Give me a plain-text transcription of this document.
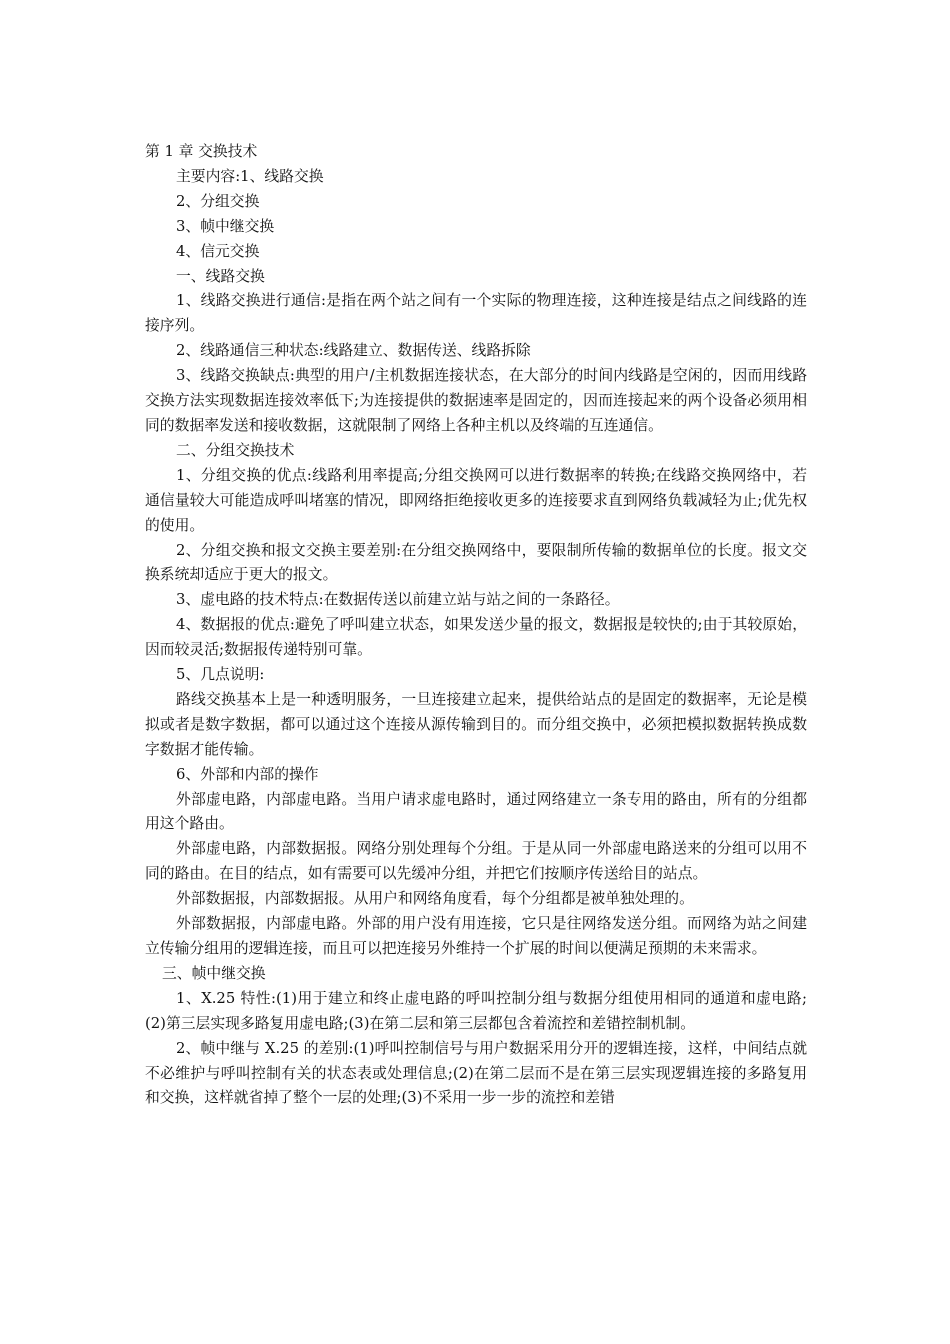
第 1 章 交换技术

主要内容:1、线路交换

2、分组交换

3、帧中继交换

4、信元交换

一、线路交换

1、线路交换进行通信:是指在两个站之间有一个实际的物理连接，这种连接是结点之间线路的连接序列。

2、线路通信三种状态:线路建立、数据传送、线路拆除

3、线路交换缺点:典型的用户/主机数据连接状态，在大部分的时间内线路是空闲的，因而用线路交换方法实现数据连接效率低下;为连接提供的数据速率是固定的，因而连接起来的两个设备必须用相同的数据率发送和接收数据，这就限制了网络上各种主机以及终端的互连通信。

二、分组交换技术

1、分组交换的优点:线路利用率提高;分组交换网可以进行数据率的转换;在线路交换网络中，若通信量较大可能造成呼叫堵塞的情况，即网络拒绝接收更多的连接要求直到网络负载减轻为止;优先权的使用。

2、分组交换和报文交换主要差别:在分组交换网络中，要限制所传输的数据单位的长度。报文交换系统却适应于更大的报文。

3、虚电路的技术特点:在数据传送以前建立站与站之间的一条路径。

4、数据报的优点:避免了呼叫建立状态，如果发送少量的报文，数据报是较快的;由于其较原始，因而较灵活;数据报传递特别可靠。

5、几点说明:

路线交换基本上是一种透明服务，一旦连接建立起来，提供给站点的是固定的数据率，无论是模拟或者是数字数据，都可以通过这个连接从源传输到目的。而分组交换中，必须把模拟数据转换成数字数据才能传输。

6、外部和内部的操作

外部虚电路，内部虚电路。当用户请求虚电路时，通过网络建立一条专用的路由，所有的分组都用这个路由。

外部虚电路，内部数据报。网络分别处理每个分组。于是从同一外部虚电路送来的分组可以用不同的路由。在目的结点，如有需要可以先缓冲分组，并把它们按顺序传送给目的站点。

外部数据报，内部数据报。从用户和网络角度看，每个分组都是被单独处理的。

外部数据报，内部虚电路。外部的用户没有用连接，它只是往网络发送分组。而网络为站之间建立传输分组用的逻辑连接，而且可以把连接另外维持一个扩展的时间以便满足预期的未来需求。

三、帧中继交换

1、X.25 特性:(1)用于建立和终止虚电路的呼叫控制分组与数据分组使用相同的通道和虚电路;(2)第三层实现多路复用虚电路;(3)在第二层和第三层都包含着流控和差错控制机制。

2、帧中继与 X.25 的差别:(1)呼叫控制信号与用户数据采用分开的逻辑连接，这样，中间结点就不必维护与呼叫控制有关的状态表或处理信息;(2)在第二层而不是在第三层实现逻辑连接的多路复用和交换，这样就省掉了整个一层的处理;(3)不采用一步一步的流控和差错
